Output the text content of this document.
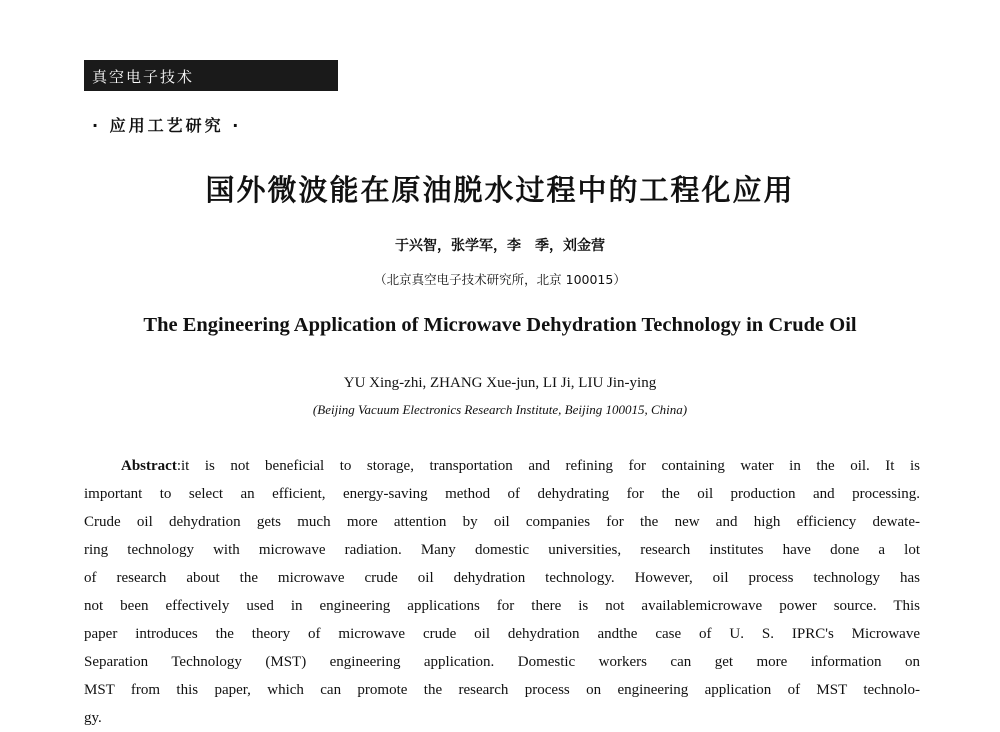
真空电子技术
· 应用工艺研究 ·
国外微波能在原油脱水过程中的工程化应用
于兴智，张学军，李　季，刘金营
（北京真空电子技术研究所，北京 100015）
The Engineering Application of Microwave Dehydration Technology in Crude Oil
YU Xing-zhi, ZHANG Xue-jun, LI Ji, LIU Jin-ying
(Beijing Vacuum Electronics Research Institute, Beijing 100015, China)
Abstract:it is not beneficial to storage, transportation and refining for containing water in the oil. It is
important to select an efficient, energy-saving method of dehydrating for the oil production and processing.
Crude oil dehydration gets much more attention by oil companies for the new and high efficiency dewate-
ring technology with microwave radiation. Many domestic universities, research institutes have done a lot
of research about the microwave crude oil dehydration technology. However, oil process technology has
not been effectively used in engineering applications for there is not availablemicrowave power source. This
paper introduces the theory of microwave crude oil dehydration andthe case of U. S. IPRC's Microwave
Separation Technology (MST) engineering application. Domestic workers can get more information on
MST from this paper, which can promote the research process on engineering application of MST technolo-
gy.
